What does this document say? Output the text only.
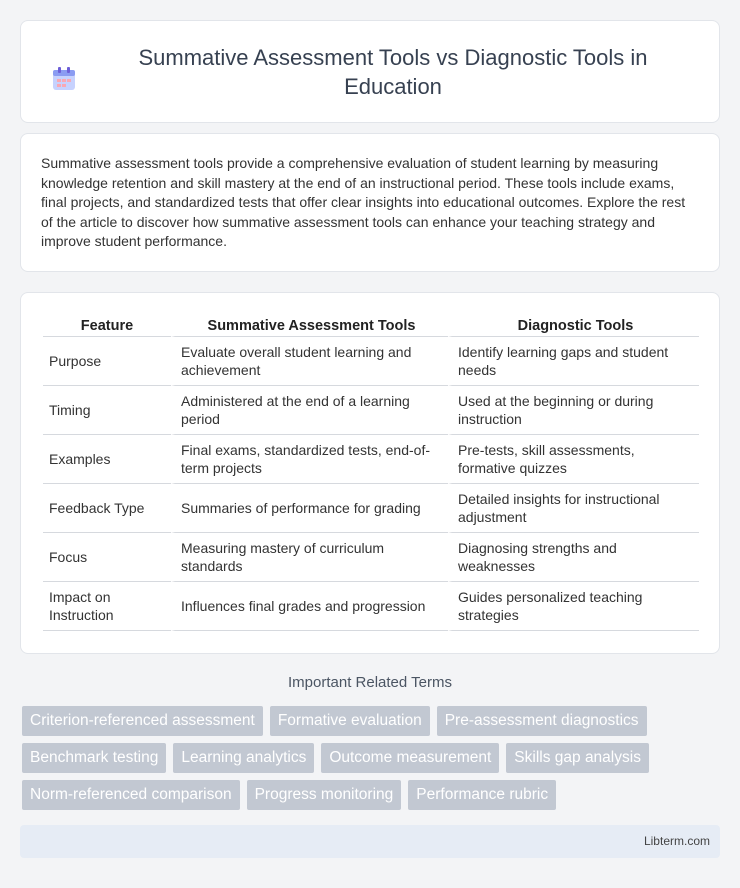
Summative Assessment Tools vs Diagnostic Tools in Education

Summative assessment tools provide a comprehensive evaluation of student learning by measuring knowledge retention and skill mastery at the end of an instructional period. These tools include exams, final projects, and standardized tests that offer clear insights into educational outcomes. Explore the rest of the article to discover how summative assessment tools can enhance your teaching strategy and improve student performance.

Feature	Summative Assessment Tools	Diagnostic Tools
Purpose	Evaluate overall student learning and achievement	Identify learning gaps and student needs
Timing	Administered at the end of a learning period	Used at the beginning or during instruction
Examples	Final exams, standardized tests, end-of-term projects	Pre-tests, skill assessments, formative quizzes
Feedback Type	Summaries of performance for grading	Detailed insights for instructional adjustment
Focus	Measuring mastery of curriculum standards	Diagnosing strengths and weaknesses
Impact on Instruction	Influences final grades and progression	Guides personalized teaching strategies
Important Related Terms
Criterion-referenced assessment	Formative evaluation	Pre-assessment diagnostics
Benchmark testing	Learning analytics	Outcome measurement	Skills gap analysis
Norm-referenced comparison	Progress monitoring	Performance rubric
Libterm.com
